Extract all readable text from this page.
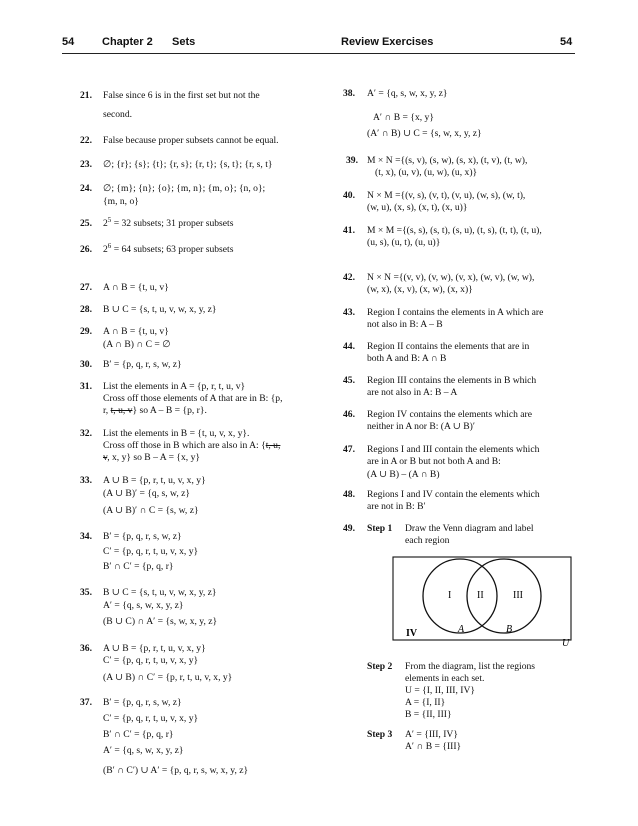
54	Chapter 2 Sets	Review Exercises	54
21. False since 6 is in the first set but not the
second.
22. False because proper subsets cannot be equal.
23. ∅; {r}; {s}; {t}; {r, s}; {r, t}; {s, t}; {r, s, t}
24. ∅; {m}; {n}; {o}; {m, n}; {m, o}; {n, o};
{m, n, o}
25. $2^5 = 32$ subsets; 31 proper subsets
26. $2^6 = 64$ subsets; 63 proper subsets
27. A ∩ B = {t, u, v}
28. B ∪ C = {s, t, u, v, w, x, y, z}
29. A ∩ B = {t, u, v}
(A ∩ B) ∩ C = ∅
30. B′ = {p, q, r, s, w, z}
31. List the elements in A = {p, r, t, u, v}
Cross off those elements of A that are in B: {p,
r, t, u, v} so A – B = {p, r}.
32. List the elements in B = {t, u, v, x, y}.
Cross off those in B which are also in A: {t, u,
v, x, y} so B – A = {x, y}
33. A ∪ B = {p, r, t, u, v, x, y}
(A ∪ B)′ = {q, s, w, z}
(A ∪ B)′ ∩ C = {s, w, z}
34. B′ = {p, q, r, s, w, z}
C′ = {p, q, r, t, u, v, x, y}
B′ ∩ C′ = {p, q, r}
35. B ∪ C = {s, t, u, v, w, x, y, z}
A′ = {q, s, w, x, y, z}
(B ∪ C) ∩ A′ = {s, w, x, y, z}
36. A ∪ B = {p, r, t, u, v, x, y}
C′ = {p, q, r, t, u, v, x, y}
(A ∪ B) ∩ C′ = {p, r, t, u, v, x, y}
37. B′ = {p, q, r, s, w, z}
C′ = {p, q, r, t, u, v, x, y}
B′ ∩ C′ = {p, q, r}
A′ = {q, s, w, x, y, z}
(B′ ∩ C′) ∪ A′ = {p, q, r, s, w, x, y, z}
38. A′ = {q, s, w, x, y, z}
A′ ∩ B = {x, y}
(A′ ∩ B) ∪ C = {s, w, x, y, z}
39. M × N ={(s, v), (s, w), (s, x), (t, v), (t, w),
(t, x), (u, v), (u, w), (u, x)}
40. N × M ={(v, s), (v, t), (v, u), (w, s), (w, t),
(w, u), (x, s), (x, t), (x, u)}
41. M × M ={(s, s), (s, t), (s, u), (t, s), (t, t), (t, u),
(u, s), (u, t), (u, u)}
42. N × N ={(v, v), (v, w), (v, x), (w, v), (w, w),
(w, x), (x, v), (x, w), (x, x)}
43. Region I contains the elements in A which are
not also in B: A – B
44. Region II contains the elements that are in
both A and B: A ∩ B
45. Region III contains the elements in B which
are not also in A: B – A
46. Region IV contains the elements which are
neither in A nor B: (A ∪ B)′
47. Regions I and III contain the elements which
are in A or B but not both A and B:
(A ∪ B) – (A ∩ B)
48. Regions I and IV contain the elements which
are not in B: B′
49. Step 1 Draw the Venn diagram and label
each region
Step 2 From the diagram, list the regions
elements in each set.
U = {I, II, III, IV}
A = {I, II}
B = {II, III}
Step 3 A′ = {III, IV}
A′ ∩ B = {III}
I	II	III
IV	A	B
U
